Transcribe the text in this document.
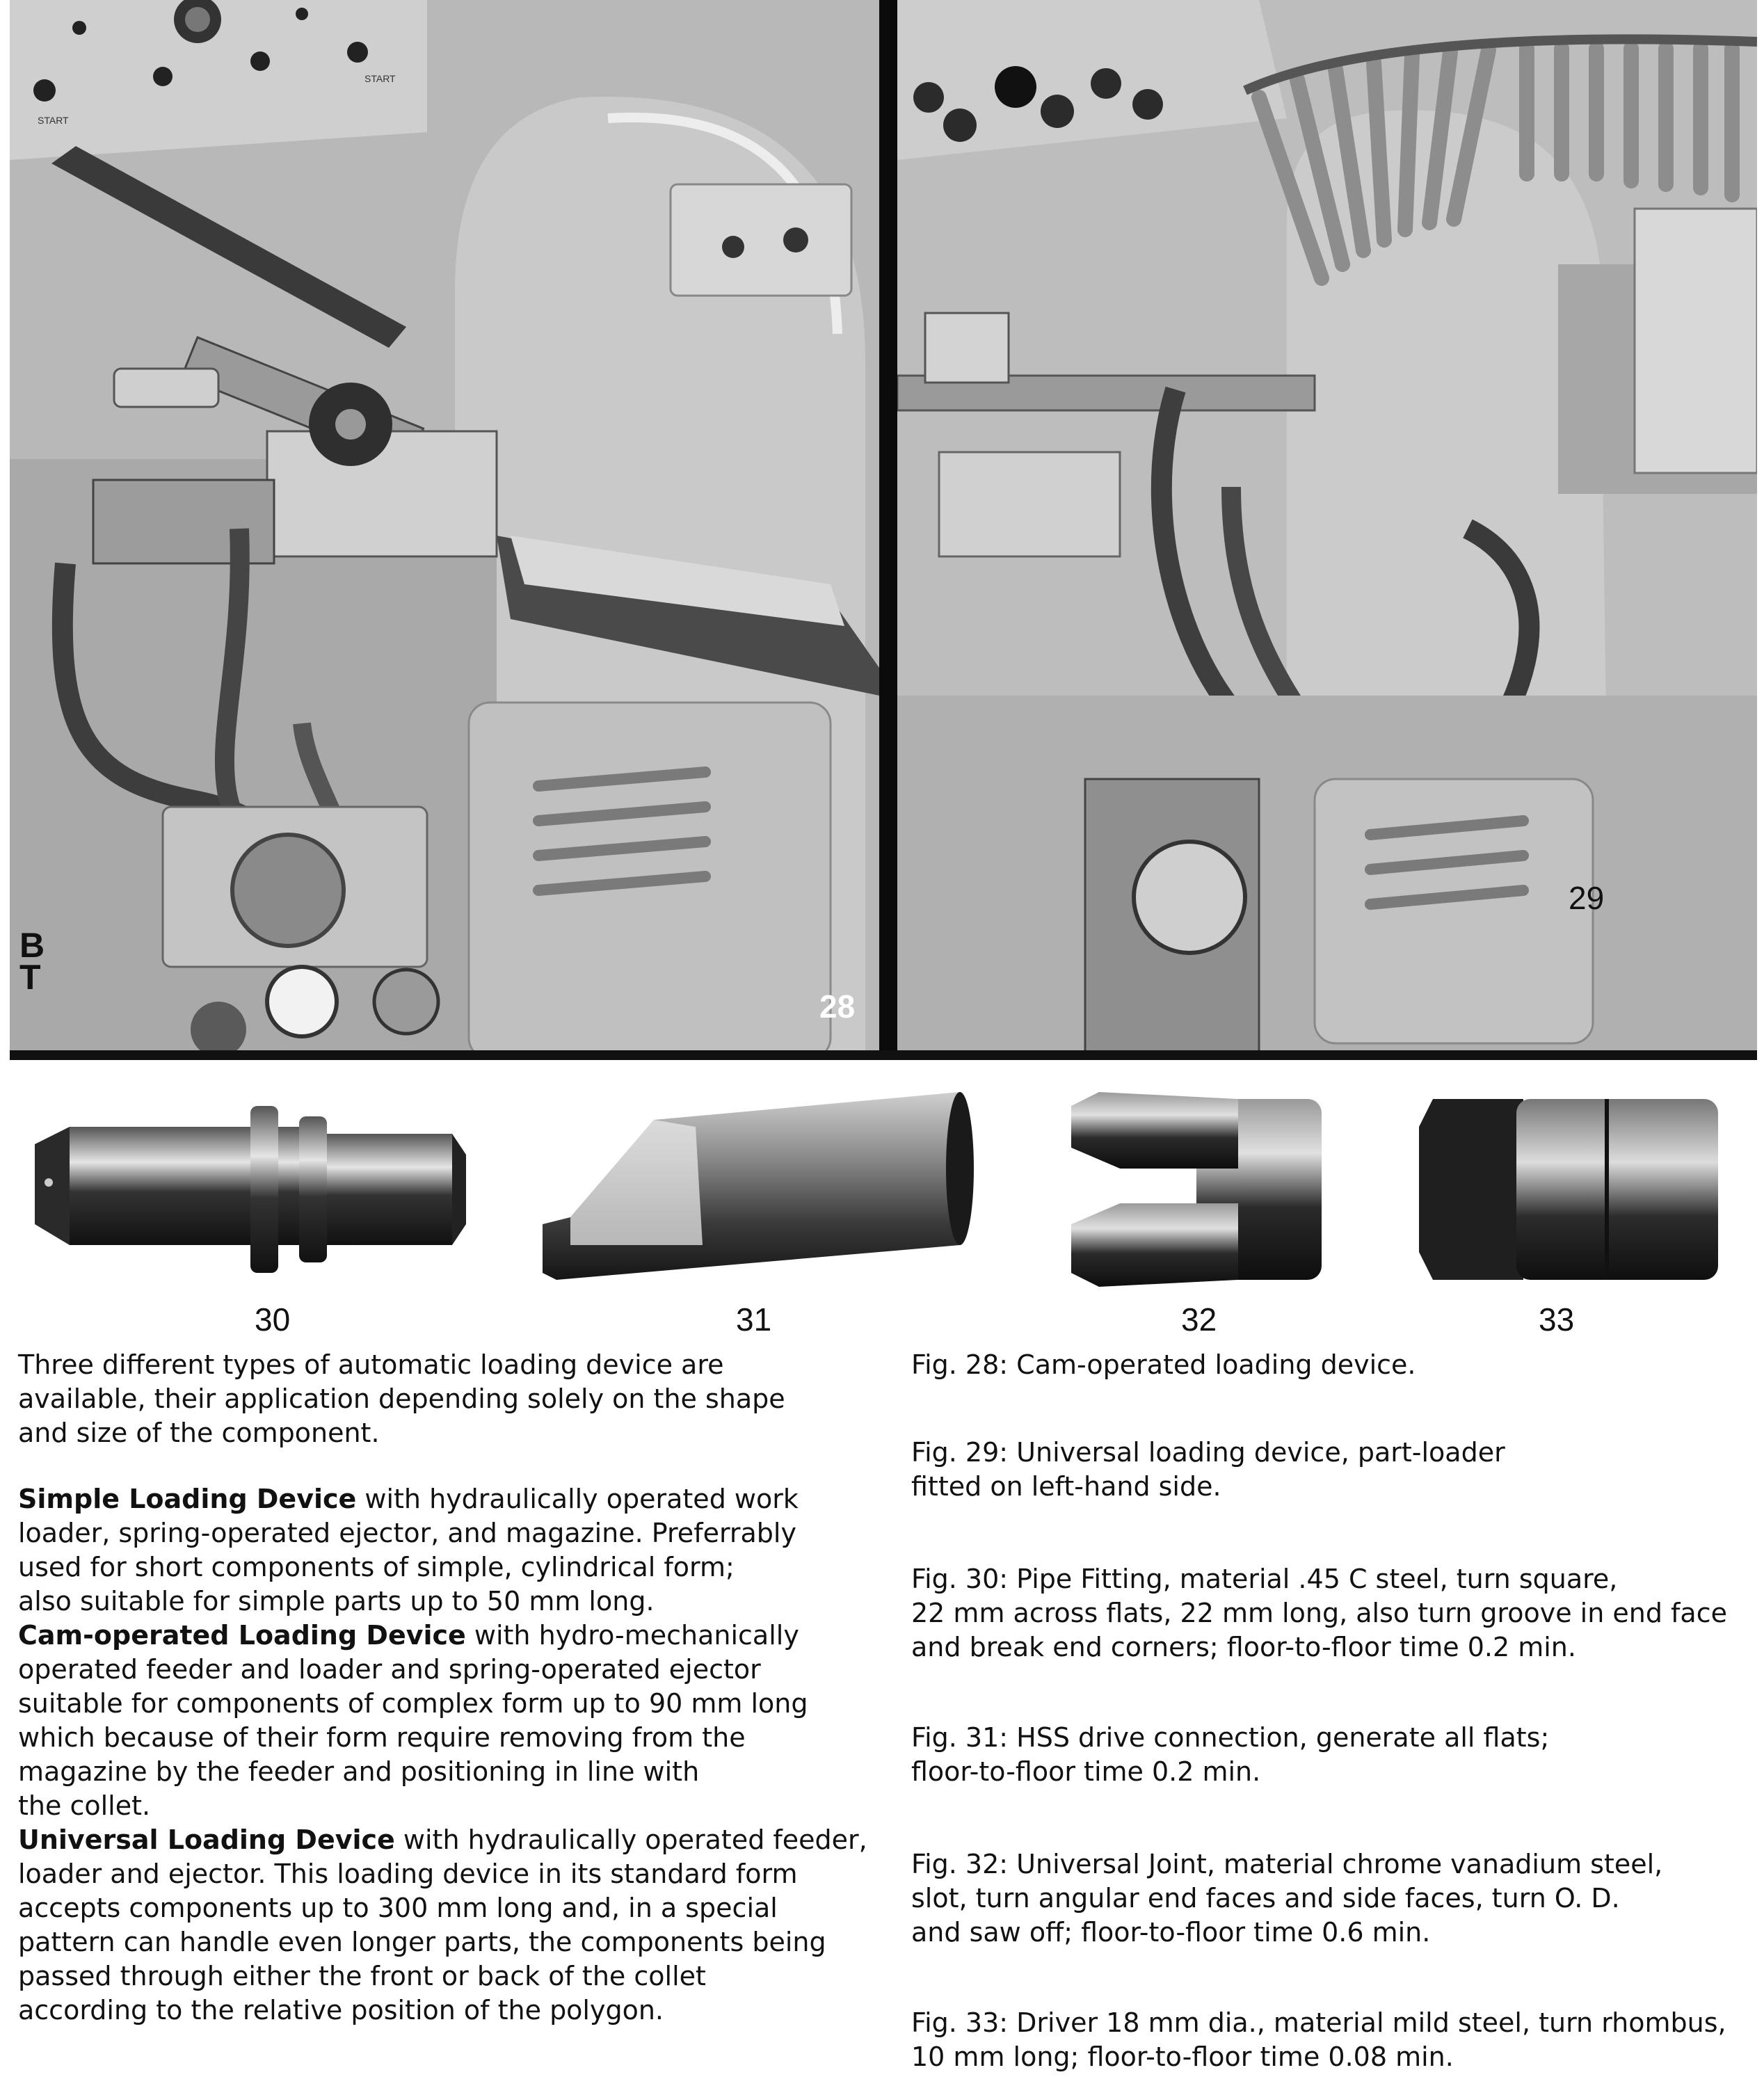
START
START
B
T
28
29
30	31	32	33

Three different types of automatic loading device are
available, their application depending solely on the shape
and size of the component.

Simple Loading Device with hydraulically operated work
loader, spring-operated ejector, and magazine. Preferrably
used for short components of simple, cylindrical form;
also suitable for simple parts up to 50 mm long.

Cam-operated Loading Device with hydro-mechanically
operated feeder and loader and spring-operated ejector
suitable for components of complex form up to 90 mm long
which because of their form require removing from the
magazine by the feeder and positioning in line with
the collet.

Universal Loading Device with hydraulically operated feeder,
loader and ejector. This loading device in its standard form
accepts components up to 300 mm long and, in a special
pattern can handle even longer parts, the components being
passed through either the front or back of the collet
according to the relative position of the polygon.

Fig. 28: Cam-operated loading device.

Fig. 29: Universal loading device, part-loader
fitted on left-hand side.

Fig. 30: Pipe Fitting, material .45 C steel, turn square,
22 mm across flats, 22 mm long, also turn groove in end face
and break end corners; floor-to-floor time 0.2 min.

Fig. 31: HSS drive connection, generate all flats;
floor-to-floor time 0.2 min.

Fig. 32: Universal Joint, material chrome vanadium steel,
slot, turn angular end faces and side faces, turn O. D.
and saw off; floor-to-floor time 0.6 min.

Fig. 33: Driver 18 mm dia., material mild steel, turn rhombus,
10 mm long; floor-to-floor time 0.08 min.
